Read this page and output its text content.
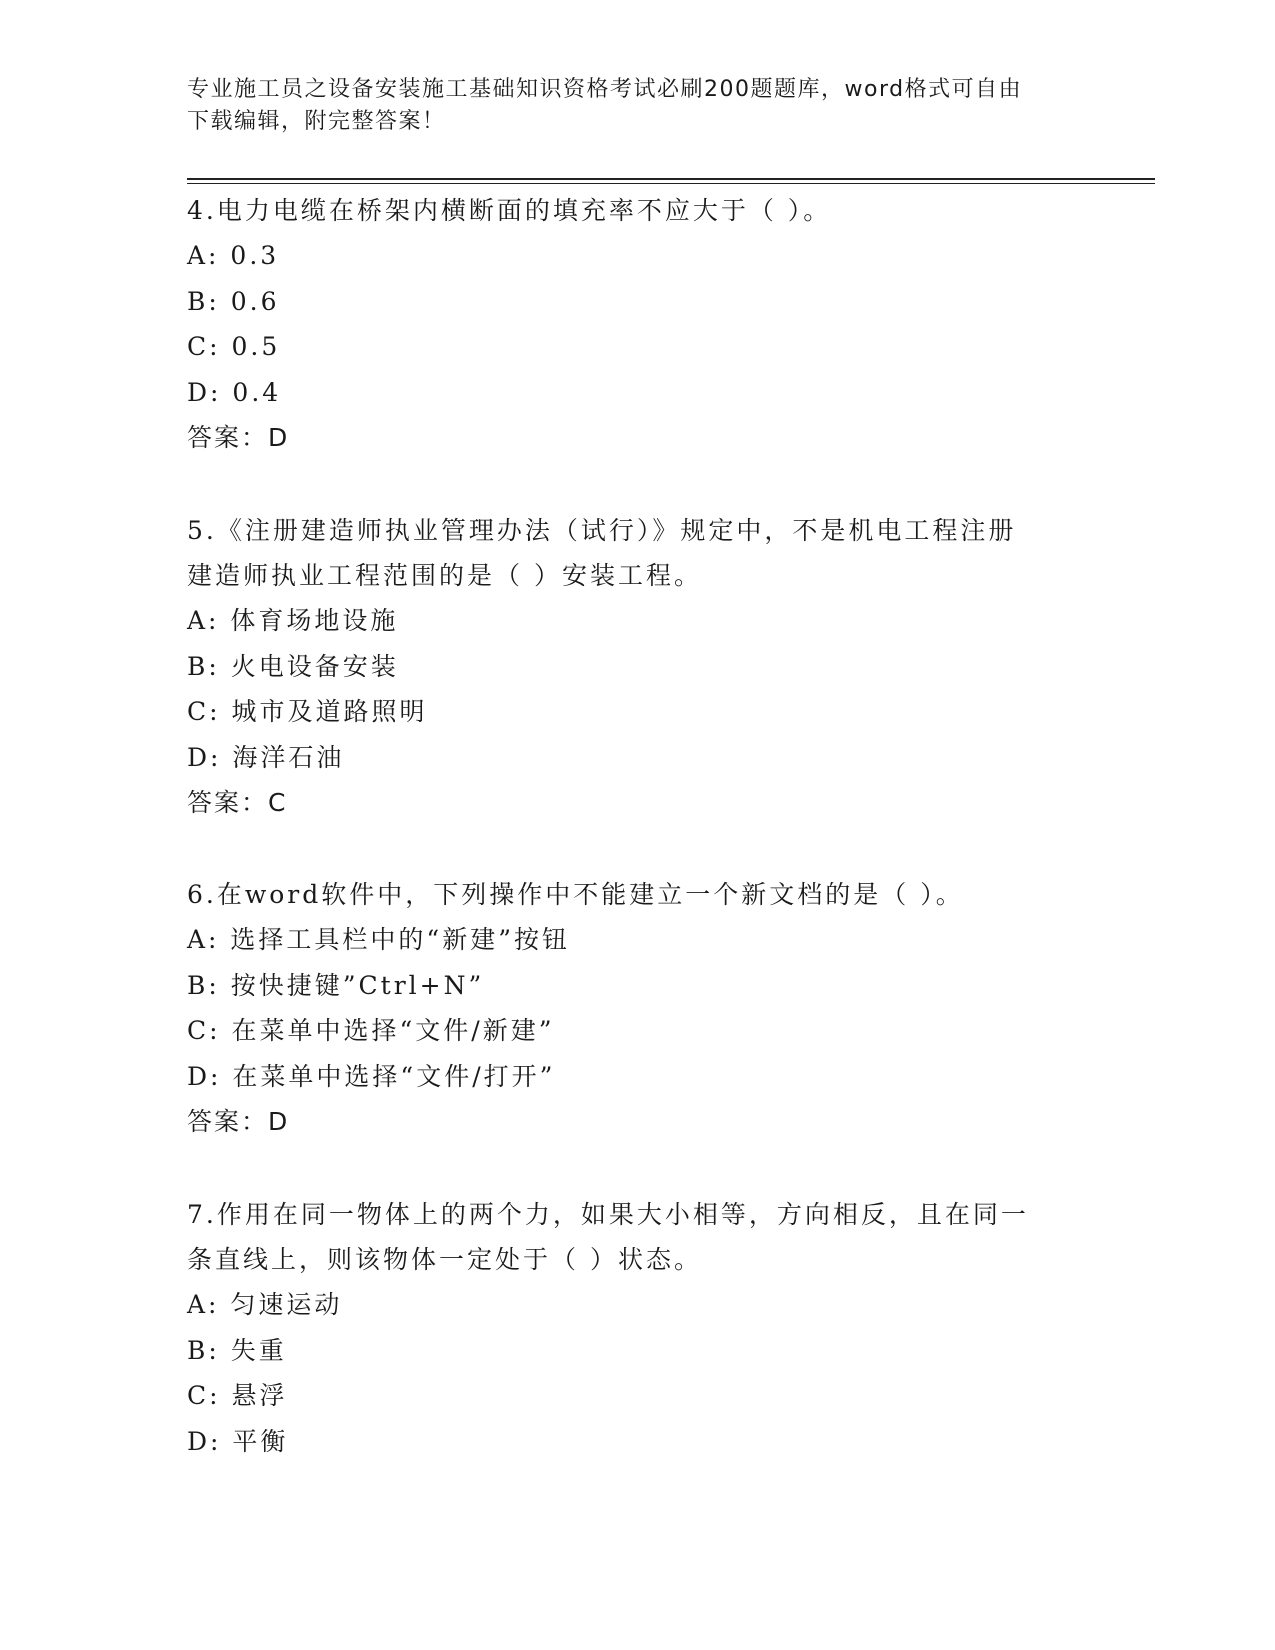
专业施工员之设备安装施工基础知识资格考试必刷200题题库，word格式可自由
下载编辑，附完整答案！

4.电力电缆在桥架内横断面的填充率不应大于（ ）。

A: 0.3

B: 0.6

C: 0.5

D: 0.4

答案：D

5.《注册建造师执业管理办法（试行）》规定中，不是机电工程注册

建造师执业工程范围的是（ ）安装工程。

A: 体育场地设施

B: 火电设备安装

C: 城市及道路照明

D: 海洋石油

答案：C

6.在word软件中，下列操作中不能建立一个新文档的是（ ）。

A: 选择工具栏中的“新建”按钮

B: 按快捷键”Ctrl+N”

C: 在菜单中选择“文件/新建”

D: 在菜单中选择“文件/打开”

答案：D

7.作用在同一物体上的两个力，如果大小相等，方向相反，且在同一

条直线上，则该物体一定处于（ ）状态。

A: 匀速运动

B: 失重

C: 悬浮

D: 平衡
